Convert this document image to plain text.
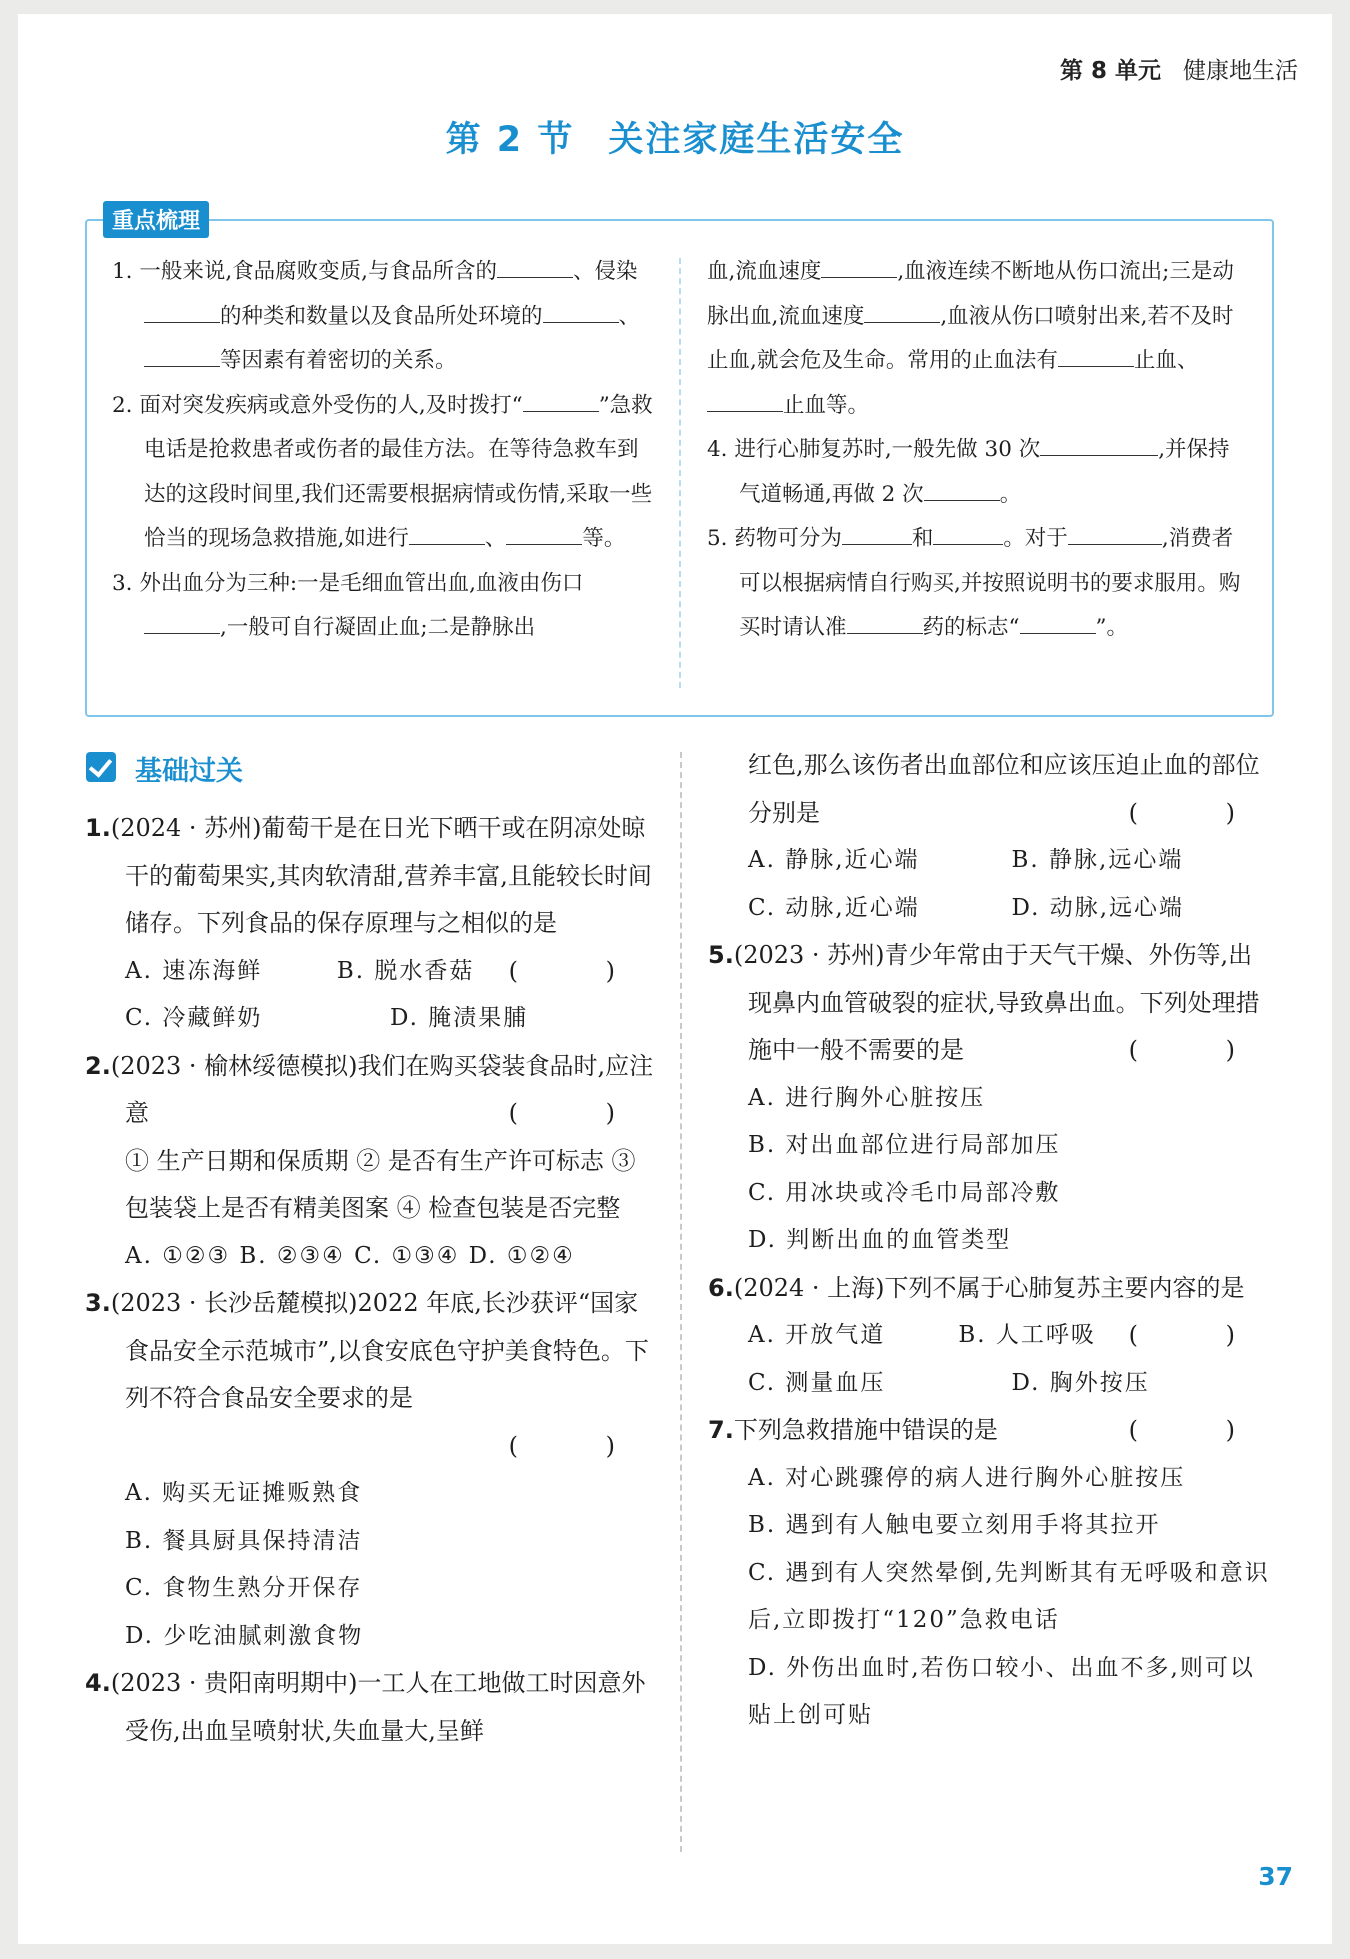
第 8 单元 健康地生活
第 2 节 关注家庭生活安全
重点梳理
1. 一般来说,食品腐败变质,与食品所含的	、侵染的种类和数量以及食品所处环境的	、等因素有着密切的关系。
2. 面对突发疾病或意外受伤的人,及时拨打“	”急救电话是抢救患者或伤者的最佳方法。在等待急救车到达的这段时间里,我们还需要根据病情或伤情,采取一些恰当的现场急救措施,如进行	、	等。
3. 外出血分为三种:一是毛细血管出血,血液由伤口,一般可自行凝固止血;二是静脉出
血,流血速度	,血液连续不断地从伤口流出;三是动脉出血,流血速度	,血液从伤口喷射出来,若不及时止血,就会危及生命。常用的止血法有	止血、止血等。
4. 进行心肺复苏时,一般先做 30 次	,并保持气道畅通,再做 2 次	。
5. 药物可分为	和	。对于	,消费者可以根据病情自行购买,并按照说明书的要求服用。购买时请认准	药的标志“	”。
基础过关
1.(2024 · 苏州)葡萄干是在日光下晒干或在阴凉处晾干的葡萄果实,其肉软清甜,营养丰富,且能较长时间储存。下列食品的保存原理与之相似的是
( )
A. 速冻海鲜	B. 脱水香菇
C. 冷藏鲜奶	D. 腌渍果脯
2.(2023 · 榆林绥德模拟)我们在购买袋装食品时,应注意	( )
① 生产日期和保质期 ② 是否有生产许可标志 ③ 包装袋上是否有精美图案 ④ 检查包装是否完整
A. ①②③ B. ②③④ C. ①③④ D. ①②④
3.(2023 · 长沙岳麓模拟)2022 年底,长沙获评“国家食品安全示范城市”,以食安底色守护美食特色。下列不符合食品安全要求的是
( )
A. 购买无证摊贩熟食
B. 餐具厨具保持清洁
C. 食物生熟分开保存
D. 少吃油腻刺激食物
4.(2023 · 贵阳南明期中)一工人在工地做工时因意外受伤,出血呈喷射状,失血量大,呈鲜
红色,那么该伤者出血部位和应该压迫止血的部位分别是	( )
A. 静脉,近心端	B. 静脉,远心端
C. 动脉,近心端	D. 动脉,远心端
5.(2023 · 苏州)青少年常由于天气干燥、外伤等,出现鼻内血管破裂的症状,导致鼻出血。下列处理措施中一般不需要的是	( )
A. 进行胸外心脏按压
B. 对出血部位进行局部加压
C. 用冰块或冷毛巾局部冷敷
D. 判断出血的血管类型
6.(2024 · 上海)下列不属于心肺复苏主要内容的是
( )
A. 开放气道	B. 人工呼吸
C. 测量血压	D. 胸外按压
7.下列急救措施中错误的是	( )
A. 对心跳骤停的病人进行胸外心脏按压
B. 遇到有人触电要立刻用手将其拉开
C. 遇到有人突然晕倒,先判断其有无呼吸和意识后,立即拨打“120”急救电话
D. 外伤出血时,若伤口较小、出血不多,则可以贴上创可贴
37
